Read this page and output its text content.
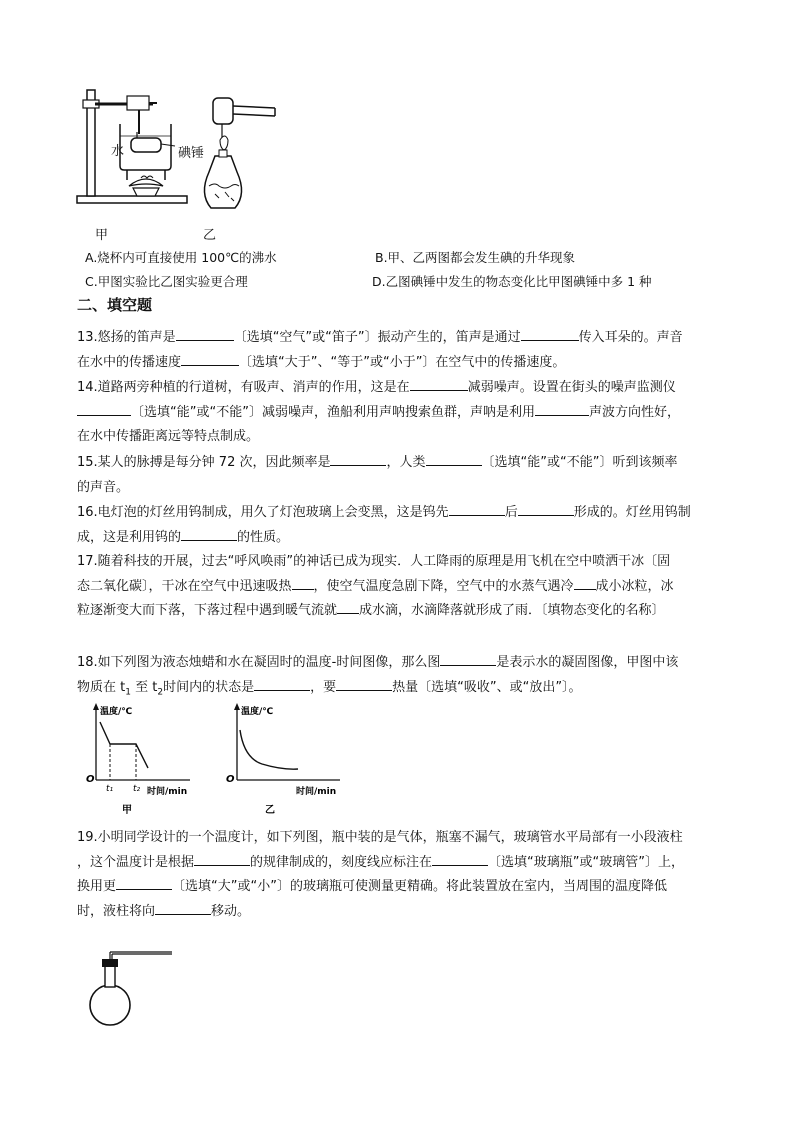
水	碘锤
甲	乙
A.烧杯内可直接使用 100℃的沸水	B.甲、乙两图都会发生碘的升华现象
C.甲图实验比乙图实验更合理	D.乙图碘锤中发生的物态变化比甲图碘锤中多 1 种
二、填空题
13.悠扬的笛声是	〔选填“空气”或“笛子”〕振动产生的，笛声是通过	传入耳朵的。声音
在水中的传播速度	〔选填“大于”、“等于”或“小于”〕在空气中的传播速度。
14.道路两旁种植的行道树，有吸声、消声的作用，这是在	减弱噪声。设置在街头的噪声监测仪
〔选填“能”或“不能”〕减弱噪声，渔船利用声呐搜索鱼群，声呐是利用	声波方向性好，
在水中传播距离远等特点制成。
15.某人的脉搏是每分钟 72 次，因此频率是	，人类	〔选填“能”或“不能”〕听到该频率
的声音。
16.电灯泡的灯丝用钨制成，用久了灯泡玻璃上会变黑，这是钨先	后	形成的。灯丝用钨制
成，这是利用钨的	的性质。
17.随着科技的开展，过去“呼风唤雨”的神话已成为现实．人工降雨的原理是用飞机在空中喷洒干冰〔固
态二氧化碳〕，干冰在空气中迅速吸热 ，使空气温度急剧下降，空气中的水蒸气遇冷 成小冰粒，冰
粒逐渐变大而下落，下落过程中遇到暖气流就 成水滴，水滴降落就形成了雨．〔填物态变化的名称〕
18.如下列图为液态烛蜡和水在凝固时的温度-时间图像，那么图	是表示水的凝固图像，甲图中该
物质在 $t_1$ 至 $t_2$时间内的状态是	，要	热量〔选填“吸收”、或“放出”〕。
温度/℃
O
t₁ t₂ 时间/min
甲
温度/℃
O
时间/min
乙
19.小明同学设计的一个温度计，如下列图，瓶中装的是气体，瓶塞不漏气，玻璃管水平局部有一小段液柱
，这个温度计是根据	的规律制成的，刻度线应标注在	〔选填“玻璃瓶”或“玻璃管”〕上，
换用更	〔选填“大”或“小”〕的玻璃瓶可使测量更精确。将此装置放在室内，当周围的温度降低
时，液柱将向	移动。
